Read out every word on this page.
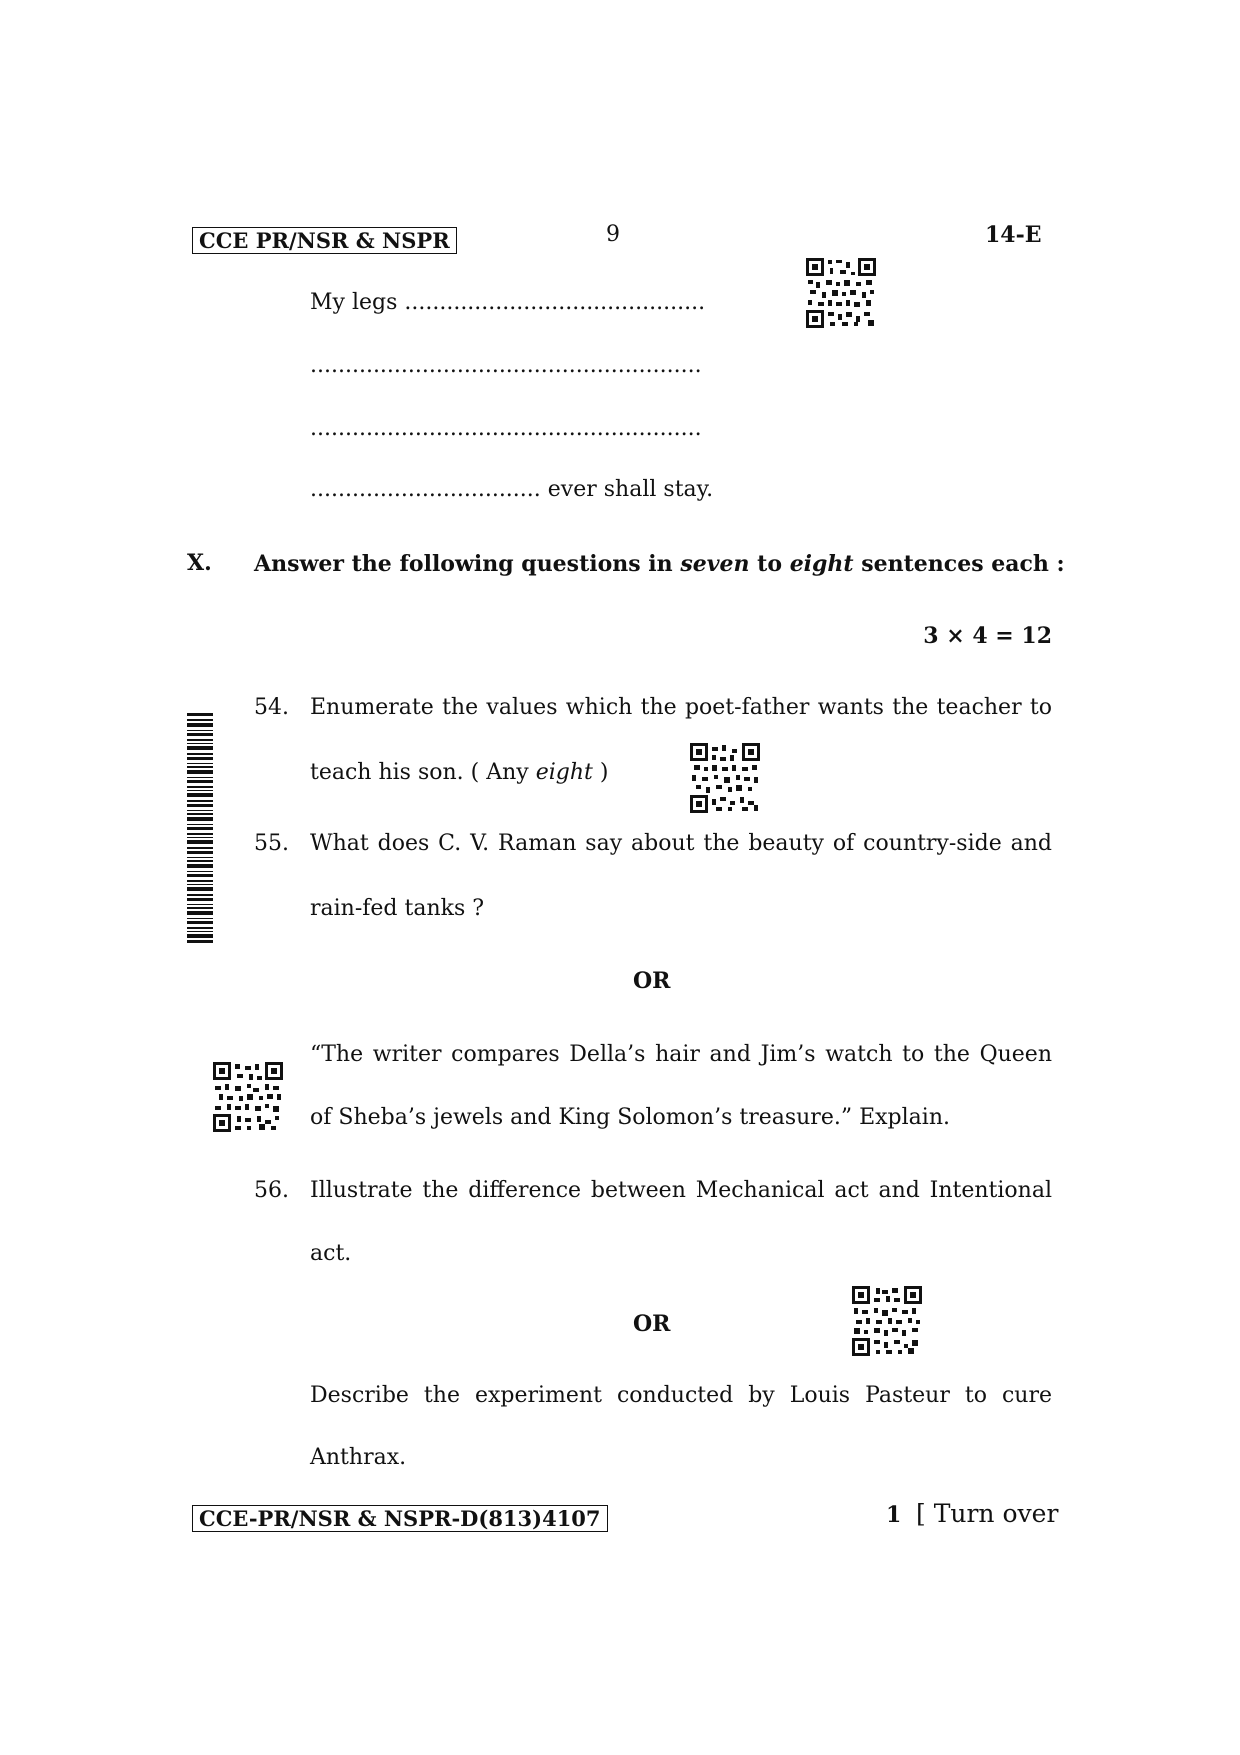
CCE PR/NSR & NSPR	9	14-E
My legs ...........................................
........................................................
........................................................
................................. ever shall stay.
X. Answer the following questions in seven to eight sentences each :
3 × 4 = 12
54. Enumerate the values which the poet-father wants the teacher to
teach his son. ( Any eight )
55. What does C. V. Raman say about the beauty of country-side and
rain-fed tanks ?
OR
“The writer compares Della’s hair and Jim’s watch to the Queen
of Sheba’s jewels and King Solomon’s treasure.” Explain.
56. Illustrate the difference between Mechanical act and Intentional
act.
OR
Describe the experiment conducted by Louis Pasteur to cure
Anthrax.
CCE-PR/NSR & NSPR-D(813)4107	1 [ Turn over
